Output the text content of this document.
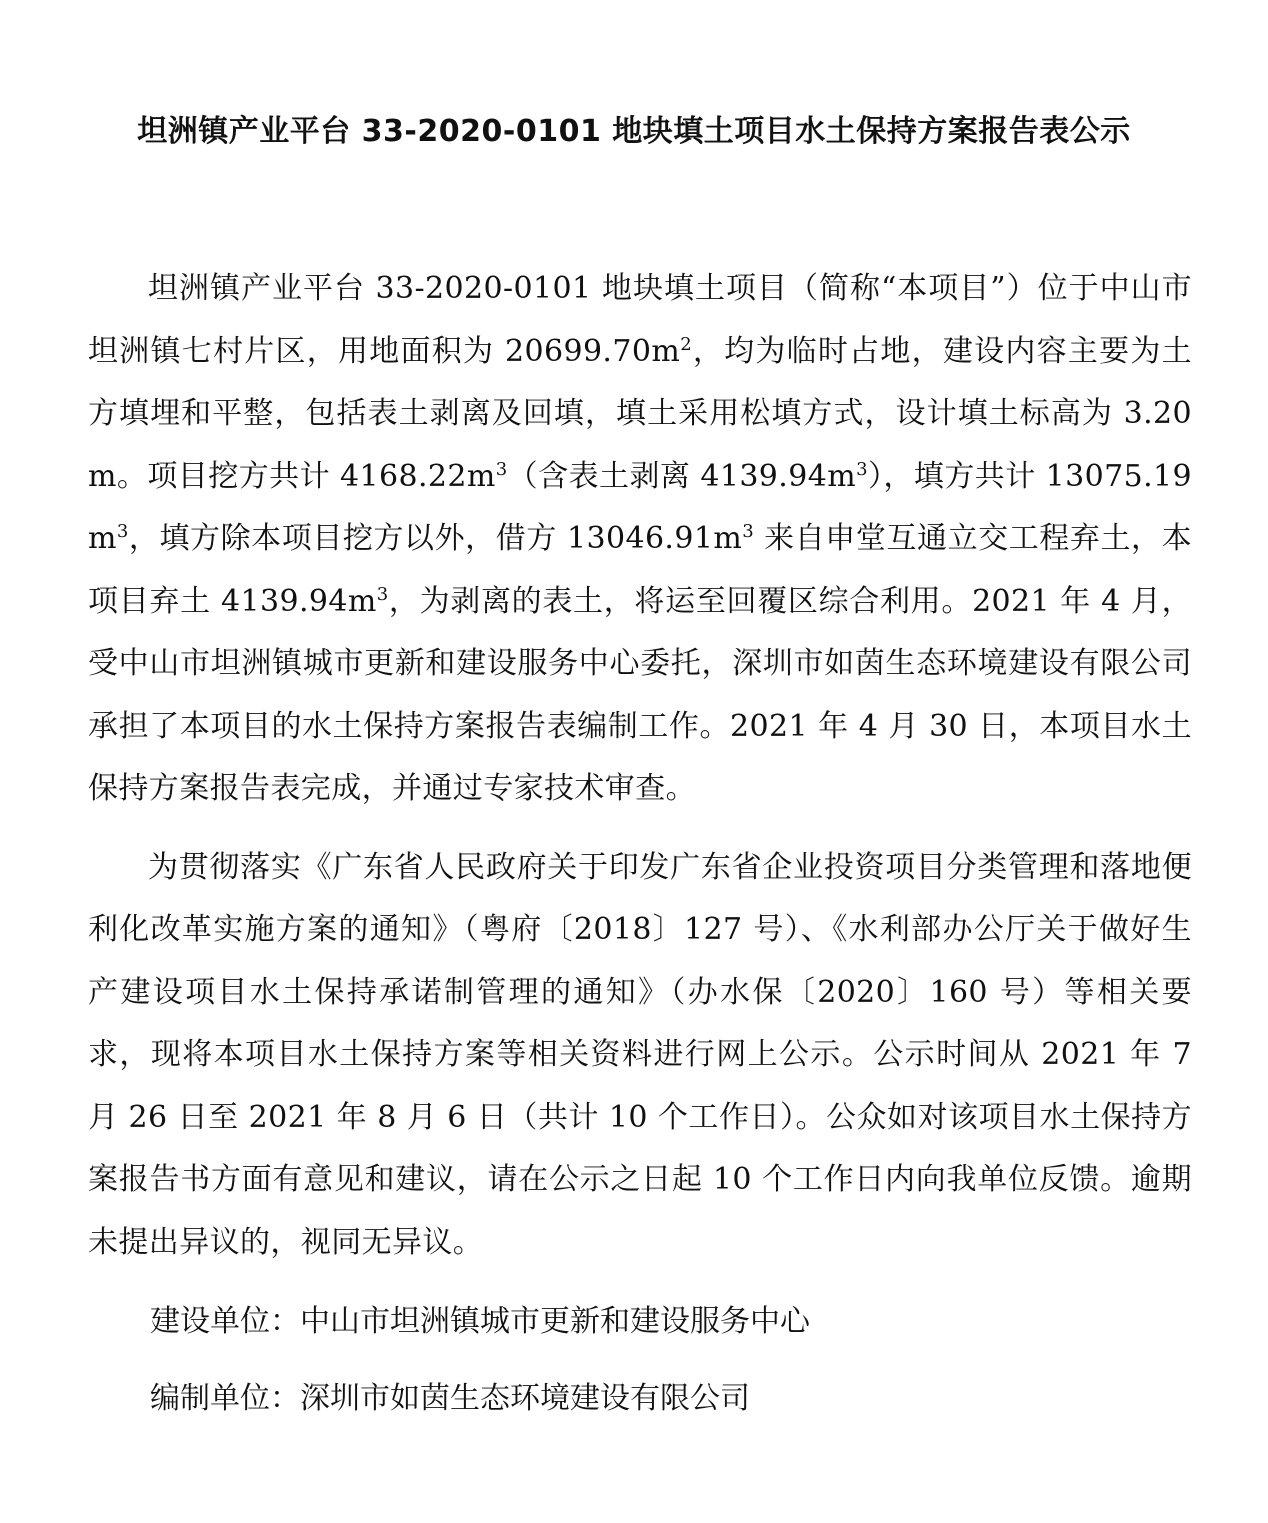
坦洲镇产业平台 33-2020-0101 地块填土项目水土保持方案报告表公示

坦洲镇产业平台 33-2020-0101 地块填土项目（简称“本项目”）位于中山市坦洲镇七村片区，用地面积为 $20699.70m^2$，均为临时占地，建设内容主要为土方填埋和平整，包括表土剥离及回填，填土采用松填方式，设计填土标高为 3.20m。项目挖方共计 $4168.22m^3$（含表土剥离 $4139.94m^3$），填方共计 $13075.19m^3$，填方除本项目挖方以外，借方 $13046.91m^3$ 来自申堂互通立交工程弃土，本项目弃土 $4139.94m^3$，为剥离的表土，将运至回覆区综合利用。2021 年 4 月，受中山市坦洲镇城市更新和建设服务中心委托，深圳市如茵生态环境建设有限公司承担了本项目的水土保持方案报告表编制工作。2021 年 4 月 30 日，本项目水土保持方案报告表完成，并通过专家技术审查。

为贯彻落实《广东省人民政府关于印发广东省企业投资项目分类管理和落地便利化改革实施方案的通知》（粤府〔2018〕127 号）、《水利部办公厅关于做好生产建设项目水土保持承诺制管理的通知》（办水保〔2020〕160 号）等相关要求，现将本项目水土保持方案等相关资料进行网上公示。公示时间从 2021 年 7 月 26 日至 2021 年 8 月 6 日（共计 10 个工作日）。公众如对该项目水土保持方案报告书方面有意见和建议，请在公示之日起 10 个工作日内向我单位反馈。逾期未提出异议的，视同无异议。

建设单位：中山市坦洲镇城市更新和建设服务中心

编制单位：深圳市如茵生态环境建设有限公司
